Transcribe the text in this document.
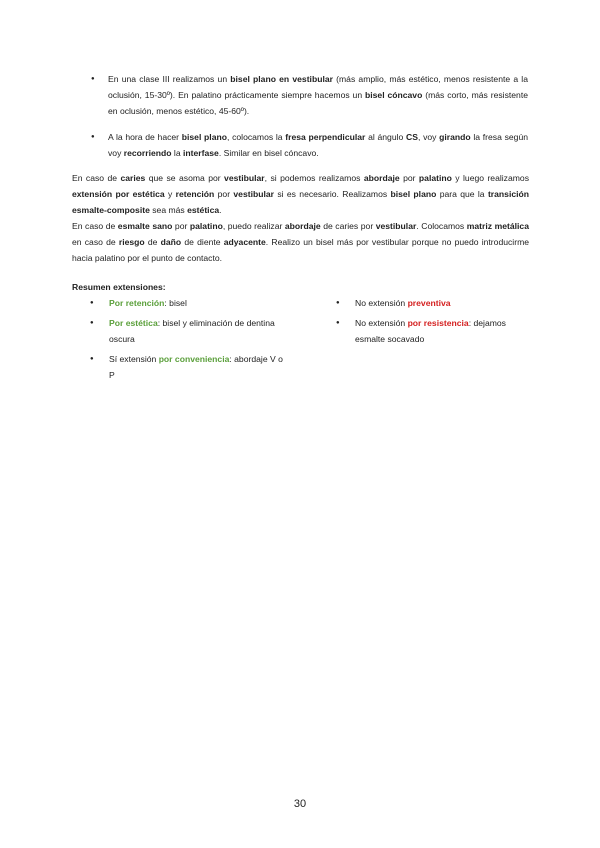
● En una clase III realizamos un bisel plano en vestibular (más amplio, más estético, menos resistente a la oclusión, 15-30º). En palatino prácticamente siempre hacemos un bisel cóncavo (más corto, más resistente en oclusión, menos estético, 45-60º).
● A la hora de hacer bisel plano, colocamos la fresa perpendicular al ángulo CS, voy girando la fresa según voy recorriendo la interfase. Similar en bisel cóncavo.

En caso de caries que se asoma por vestibular, si podemos realizamos abordaje por palatino y luego realizamos extensión por estética y retención por vestibular si es necesario. Realizamos bisel plano para que la transición esmalte-composite sea más estética.

En caso de esmalte sano por palatino, puedo realizar abordaje de caries por vestibular. Colocamos matriz metálica en caso de riesgo de daño de diente adyacente. Realizo un bisel más por vestibular porque no puedo introducirme hacia palatino por el punto de contacto.

Resumen extensiones:
● Por retención: bisel
● Por estética: bisel y eliminación de dentina oscura
● Sí extensión por conveniencia: abordaje V o P
● No extensión preventiva
● No extensión por resistencia: dejamos esmalte socavado
30
